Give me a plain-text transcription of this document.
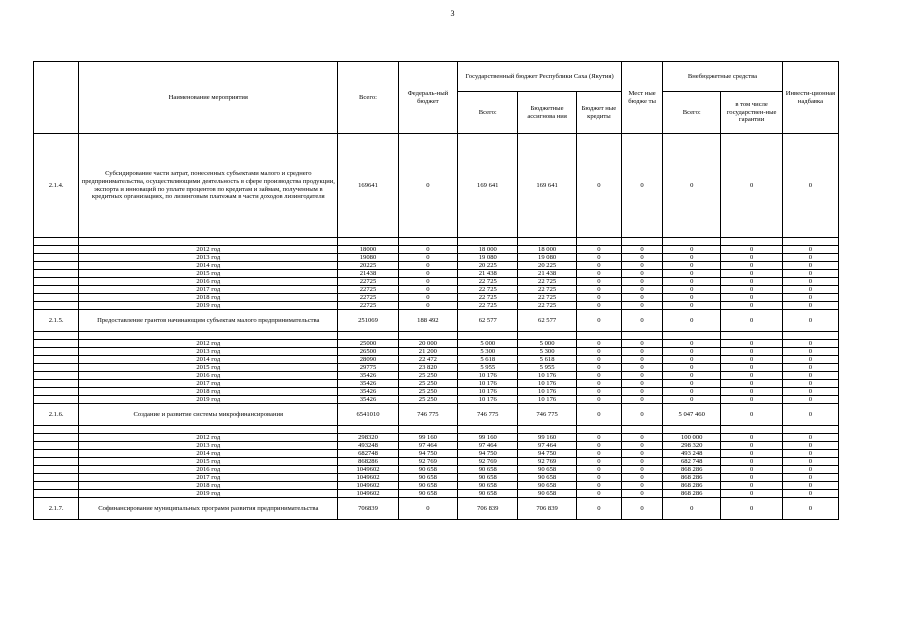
3
	Наименование мероприятия	Всего:	Федераль-ный бюджет	Государственный бюджет Республики Саха (Якутия)			Мест ные бюдже ты	Внебюджетные средства		Инвести-ционная надбавка
				Всего:	Бюджетные ассигнова ния	Бюджет ные кредиты		Всего:	в том числе государствен-ные гарантии	
2.1.4.	Субсидирование части затрат, понесенных субъектами малого и среднего предпринимательства, осуществляющими деятельность в сфере производства продукции, экспорта и инноваций по уплате процентов по кредитам и займам, полученным в кредитных организациях, по лизинговым платежам в части доходов лизингодателя	169641	0	169 641	169 641	0	0	0	0	0

	2012 год	18000	0	18 000	18 000	0	0	0	0	0
	2013 год	19080	0	19 080	19 080	0	0	0	0	0
	2014 год	20225	0	20 225	20 225	0	0	0	0	0
	2015 год	21438	0	21 438	21 438	0	0	0	0	0
	2016 год	22725	0	22 725	22 725	0	0	0	0	0
	2017 год	22725	0	22 725	22 725	0	0	0	0	0
	2018 год	22725	0	22 725	22 725	0	0	0	0	0
	2019 год	22725	0	22 725	22 725	0	0	0	0	0
2.1.5.	Предоставление грантов начинающим субъектам малого предпринимательства	251069	188 492	62 577	62 577	0	0	0	0	0

	2012 год	25000	20 000	5 000	5 000	0	0	0	0	0
	2013 год	26500	21 200	5 300	5 300	0	0	0	0	0
	2014 год	28090	22 472	5 618	5 618	0	0	0	0	0
	2015 год	29775	23 820	5 955	5 955	0	0	0	0	0
	2016 год	35426	25 250	10 176	10 176	0	0	0	0	0
	2017 год	35426	25 250	10 176	10 176	0	0	0	0	0
	2018 год	35426	25 250	10 176	10 176	0	0	0	0	0
	2019 год	35426	25 250	10 176	10 176	0	0	0	0	0
2.1.6.	Создание и развитие системы микрофинансирования	6541010	746 775	746 775	746 775	0	0	5 047 460	0	0

	2012 год	298320	99 160	99 160	99 160	0	0	100 000	0	0
	2013 год	493248	97 464	97 464	97 464	0	0	298 320	0	0
	2014 год	682748	94 750	94 750	94 750	0	0	493 248	0	0
	2015 год	868286	92 769	92 769	92 769	0	0	682 748	0	0
	2016 год	1049602	90 658	90 658	90 658	0	0	868 286	0	0
	2017 год	1049602	90 658	90 658	90 658	0	0	868 286	0	0
	2018 год	1049602	90 658	90 658	90 658	0	0	868 286	0	0
	2019 год	1049602	90 658	90 658	90 658	0	0	868 286	0	0
2.1.7.	Софинансирование муниципальных программ развития предпринимательства	706839	0	706 839	706 839	0	0	0	0	0
